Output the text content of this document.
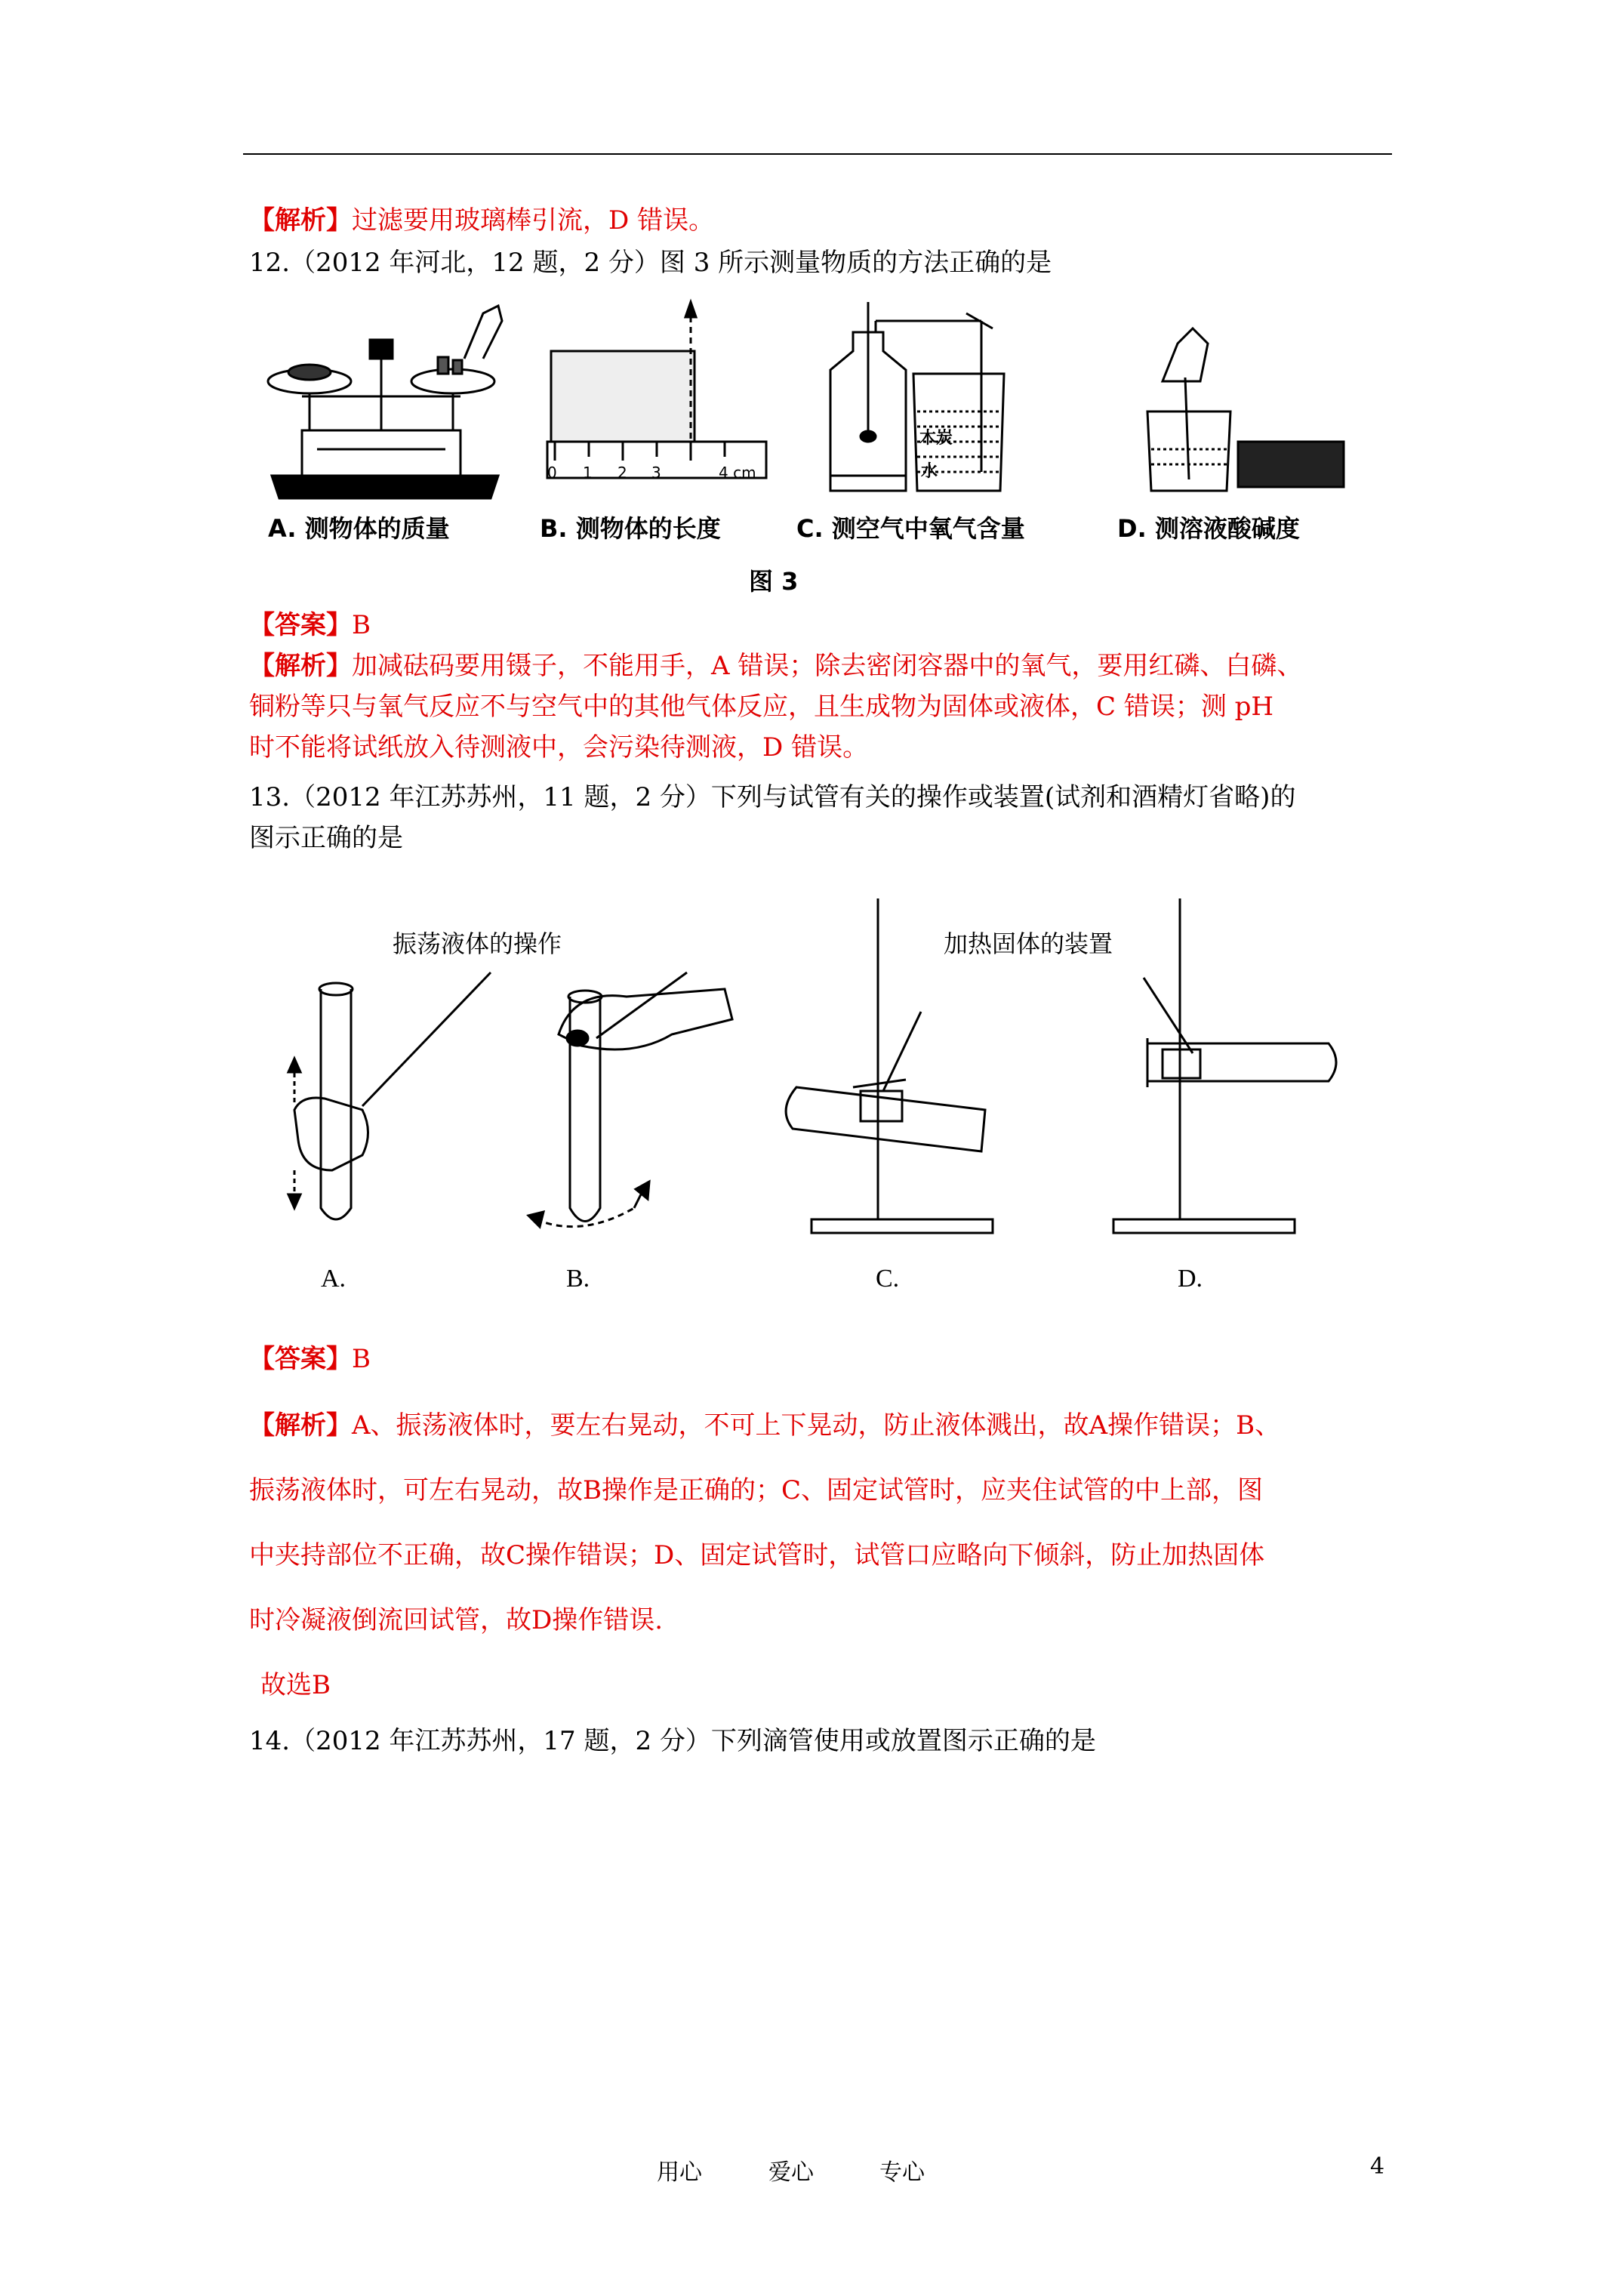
【解析】过滤要用玻璃棒引流，D 错误。
12.（2012 年河北，12 题，2 分）图 3 所示测量物质的方法正确的是
0 1 2 3	4 cm
A. 测物体的质量	B. 测物体的长度	C. 测空气中氧气含量	D. 测溶液酸碱度
图 3
木炭
水
【答案】B
【解析】加减砝码要用镊子，不能用手，A 错误；除去密闭容器中的氧气，要用红磷、白磷、
铜粉等只与氧气反应不与空气中的其他气体反应，且生成物为固体或液体，C 错误；测 pH
时不能将试纸放入待测液中，会污染待测液，D 错误。
13.（2012 年江苏苏州，11 题，2 分）下列与试管有关的操作或装置(试剂和酒精灯省略)的
图示正确的是
振荡液体的操作	加热固体的装置
A.	B.	C.	D.
【答案】B
【解析】A、振荡液体时，要左右晃动，不可上下晃动，防止液体溅出，故A操作错误；B、
振荡液体时，可左右晃动，故B操作是正确的；C、固定试管时，应夹住试管的中上部，图
中夹持部位不正确，故C操作错误；D、固定试管时，试管口应略向下倾斜，防止加热固体
时冷凝液倒流回试管，故D操作错误.
故选B
14.（2012 年江苏苏州，17 题，2 分）下列滴管使用或放置图示正确的是
用心	爱心	专心	4
